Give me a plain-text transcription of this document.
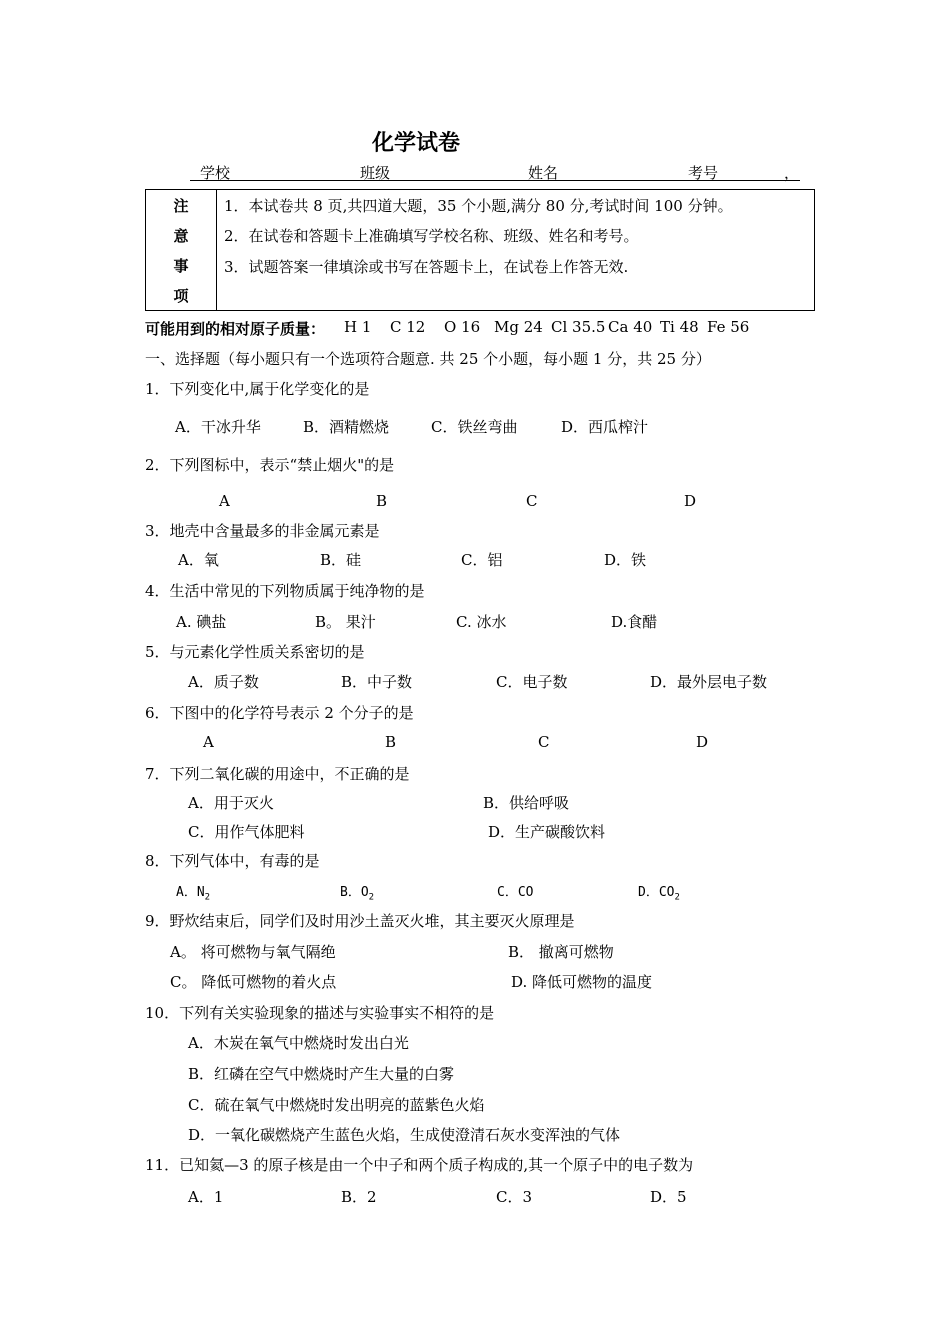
化学试卷
学校	班级	姓名	考号	，
注
意
事
项
1．本试卷共 8 页,共四道大题，35 个小题,满分 80 分,考试时间 100 分钟。
2．在试卷和答题卡上准确填写学校名称、班级、姓名和考号。
3．试题答案一律填涂或书写在答题卡上，在试卷上作答无效.
可能用到的相对原子质量： H 1 C 12 O 16 Mg 24 Cl 35.5 Ca 40 Ti 48 Fe 56
一、选择题（每小题只有一个选项符合题意. 共 25 个小题，每小题 1 分，共 25 分）
1．下列变化中,属于化学变化的是
A．干冰升华	B．酒精燃烧	C．铁丝弯曲	D．西瓜榨汁
2．下列图标中，表示“禁止烟火"的是
A	B	C	D
3．地壳中含量最多的非金属元素是
A．氧	B．硅	C．铝	D．铁
4．生活中常见的下列物质属于纯净物的是
A. 碘盐	B。 果汁	C. 冰水	D.食醋
5．与元素化学性质关系密切的是
A．质子数	B．中子数	C．电子数	D．最外层电子数
6．下图中的化学符号表示 2 个分子的是
A	B	C	D
7．下列二氧化碳的用途中，不正确的是
A．用于灭火	B．供给呼吸
C．用作气体肥料	D．生产碳酸饮料
8．下列气体中，有毒的是
A．$N_2$	B．$O_2$	C．CO	D．$CO_2$
9．野炊结束后，同学们及时用沙土盖灭火堆，其主要灭火原理是
A。 将可燃物与氧气隔绝	B． 撤离可燃物
C。 降低可燃物的着火点	D. 降低可燃物的温度
10．下列有关实验现象的描述与实验事实不相符的是
A．木炭在氧气中燃烧时发出白光
B．红磷在空气中燃烧时产生大量的白雾
C．硫在氧气中燃烧时发出明亮的蓝紫色火焰
D．一氧化碳燃烧产生蓝色火焰，生成使澄清石灰水变浑浊的气体
11．已知氦—3 的原子核是由一个中子和两个质子构成的,其一个原子中的电子数为
A．1	B．2	C．3	D．5
